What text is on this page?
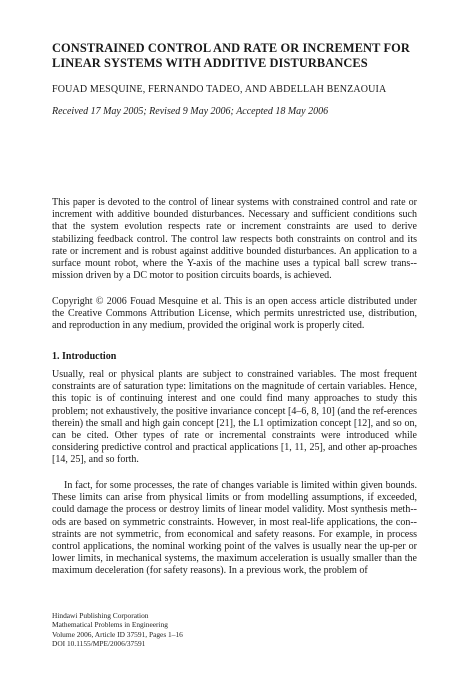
CONSTRAINED CONTROL AND RATE OR INCREMENT FOR
LINEAR SYSTEMS WITH ADDITIVE DISTURBANCES
FOUAD MESQUINE, FERNANDO TADEO, AND ABDELLAH BENZAOUIA
Received 17 May 2005; Revised 9 May 2006; Accepted 18 May 2006

This paper is devoted to the control of linear systems with constrained control and rate or increment with additive bounded disturbances. Necessary and sufficient conditions such that the system evolution respects rate or increment constraints are used to derive stabilizing feedback control. The control law respects both constraints on control and its rate or increment and is robust against additive bounded disturbances. An application to a surface mount robot, where the Y-axis of the machine uses a typical ball screw trans-mission driven by a DC motor to position circuits boards, is achieved.

Copyright © 2006 Fouad Mesquine et al. This is an open access article distributed under the Creative Commons Attribution License, which permits unrestricted use, distribution, and reproduction in any medium, provided the original work is properly cited.

1. Introduction

Usually, real or physical plants are subject to constrained variables. The most frequent constraints are of saturation type: limitations on the magnitude of certain variables. Hence, this topic is of continuing interest and one could find many approaches to study this problem; not exhaustively, the positive invariance concept [4–6, 8, 10] (and the ref-erences therein) the small and high gain concept [21], the L1 optimization concept [12], and so on, can be cited. Other types of rate or incremental constraints were introduced while considering predictive control and practical applications [1, 11, 25], and other ap-proaches [14, 25], and so forth.

In fact, for some processes, the rate of changes variable is limited within given bounds. These limits can arise from physical limits or from modelling assumptions, if exceeded, could damage the process or destroy limits of linear model validity. Most synthesis meth-ods are based on symmetric constraints. However, in most real-life applications, the con-straints are not symmetric, from economical and safety reasons. For example, in process control applications, the nominal working point of the valves is usually near the up-per or lower limits, in mechanical systems, the maximum acceleration is usually smaller than the maximum deceleration (for safety reasons). In a previous work, the problem of

Hindawi Publishing Corporation
Mathematical Problems in Engineering
Volume 2006, Article ID 37591, Pages 1–16
DOI 10.1155/MPE/2006/37591
